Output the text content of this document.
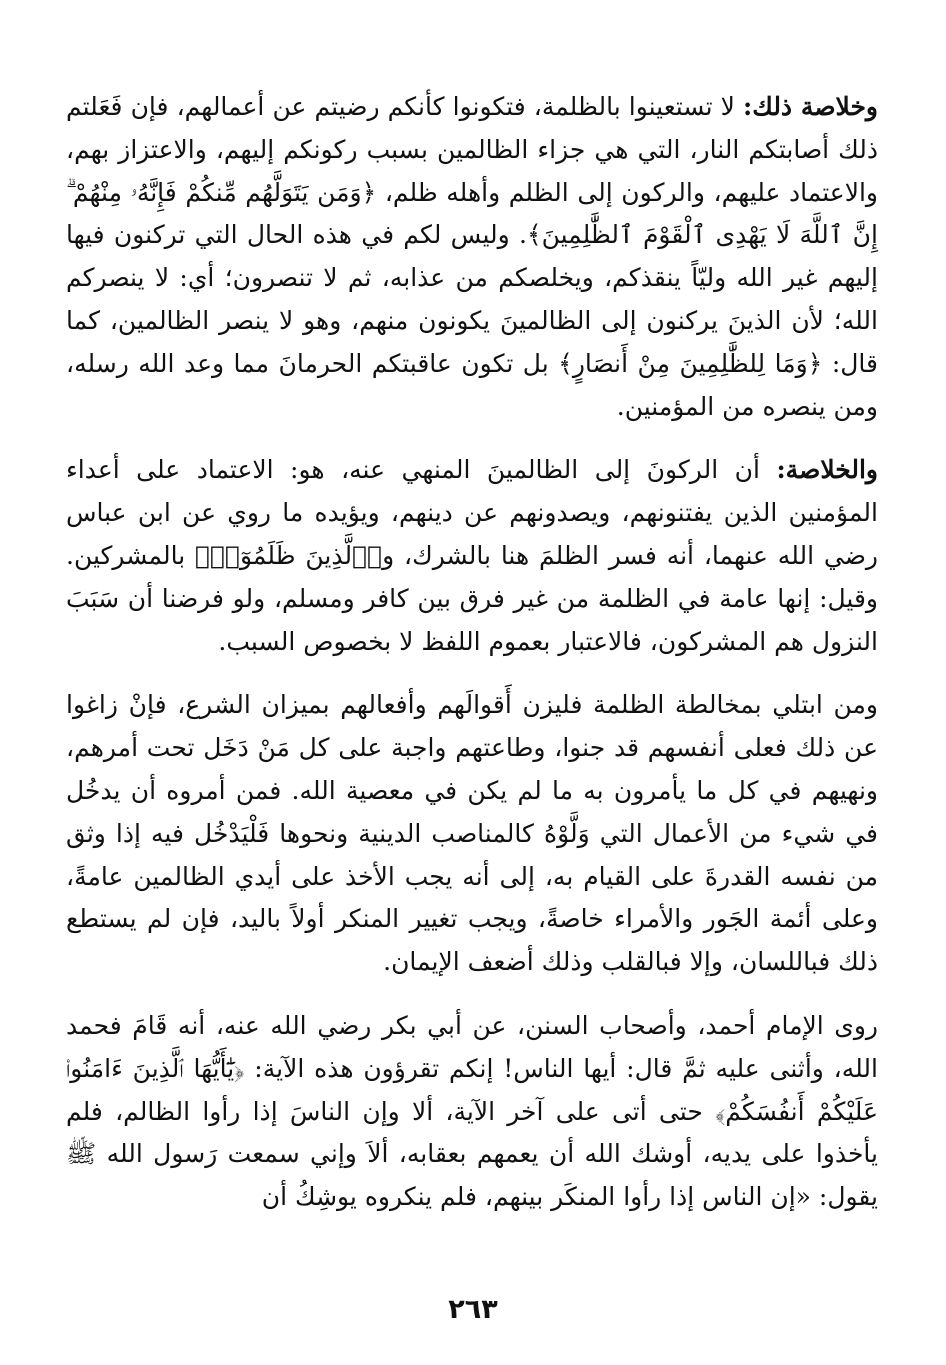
وخلاصة ذلك: لا تستعينوا بالظلمة، فتكونوا كأنكم رضيتم عن أعمالهم، فإن فَعَلتم ذلك أصابتكم النار، التي هي جزاء الظالمين بسبب ركونكم إليهم، والاعتزاز بهم، والاعتماد عليهم، والركون إلى الظلم وأهله ظلم، ﴿وَمَن يَتَوَلَّهُم مِّنكُمْ فَإِنَّهُۥ مِنْهُمْ ۗ إِنَّ ٱللَّهَ لَا يَهْدِى ٱلْقَوْمَ ٱلظَّٰلِمِينَ﴾. وليس لكم في هذه الحال التي تركنون فيها إليهم غير الله وليّاً ينقذكم، ويخلصكم من عذابه، ثم لا تنصرون؛ أي: لا ينصركم الله؛ لأن الذينَ يركنون إلى الظالمينَ يكونون منهم، وهو لا ينصر الظالمين، كما قال: ﴿وَمَا لِلظَّٰلِمِينَ مِنْ أَنصَارٍ﴾ بل تكون عاقبتكم الحرمانَ مما وعد الله رسله، ومن ينصره من المؤمنين.

والخلاصة: أن الركونَ إلى الظالمينَ المنهي عنه، هو: الاعتماد على أعداء المؤمنين الذين يفتنونهم، ويصدونهم عن دينهم، ويؤيده ما روي عن ابن عباس رضي الله عنهما، أنه فسر الظلمَ هنا بالشرك، و﴿ٱلَّذِينَ ظَلَمُوٓا۟﴾ بالمشركين. وقيل: إنها عامة في الظلمة من غير فرق بين كافر ومسلم، ولو فرضنا أن سَبَبَ النزول هم المشركون، فالاعتبار بعموم اللفظ لا بخصوص السبب.

ومن ابتلي بمخالطة الظلمة فليزن أَقوالَهم وأفعالهم بميزان الشرع، فإنْ زاغوا عن ذلك فعلى أنفسهم قد جنوا، وطاعتهم واجبة على كل مَنْ دَخَل تحت أمرهم، ونهيهم في كل ما يأمرون به ما لم يكن في معصية الله. فمن أمروه أن يدخُل في شيء من الأعمال التي وَلَّوْهُ كالمناصب الدينية ونحوها فَلْيَدْخُل فيه إذا وثق من نفسه القدرةَ على القيام به، إلى أنه يجب الأخذ على أيدي الظالمين عامةً، وعلى أئمة الجَور والأمراء خاصةً، ويجب تغيير المنكر أولاً باليد، فإن لم يستطع ذلك فباللسان، وإلا فبالقلب وذلك أضعف الإيمان.

روى الإمام أحمد، وأصحاب السنن، عن أبي بكر رضي الله عنه، أنه قَامَ فحمد الله، وأثنى عليه ثمَّ قال: أيها الناس! إنكم تقرؤون هذه الآية: ﴿يَٰٓأَيُّهَا ٱلَّذِينَ ءَامَنُوا۟ عَلَيْكُمْ أَنفُسَكُمْ﴾ حتى أتى على آخر الآية، ألا وإن الناسَ إذا رأوا الظالم، فلم يأخذوا على يديه، أوشك الله أن يعمهم بعقابه، ألاَ وإني سمعت رَسول الله ﷺ يقول: «إن الناس إذا رأوا المنكَر بينهم، فلم ينكروه يوشِكُ أن

٢٦٣
